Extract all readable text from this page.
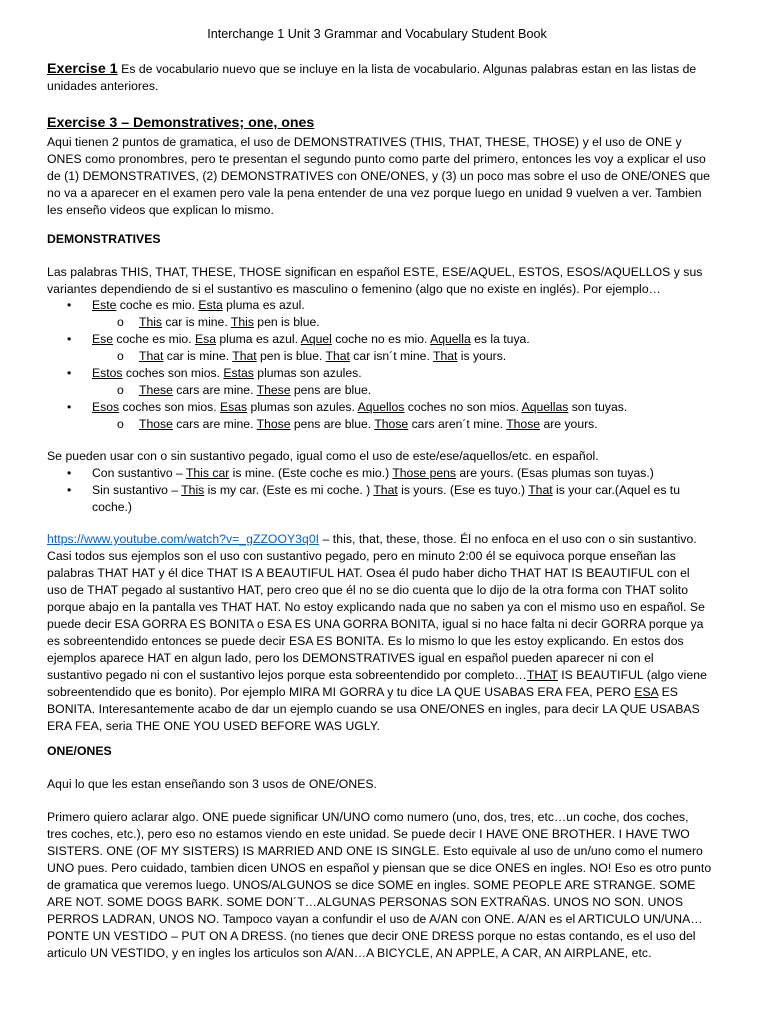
Interchange 1 Unit 3 Grammar and Vocabulary Student Book
Exercise 1 Es de vocabulario nuevo que se incluye en la lista de vocabulario. Algunas palabras estan en las listas de unidades anteriores.
Exercise 3 – Demonstratives; one, ones
Aqui tienen 2 puntos de gramatica, el uso de DEMONSTRATIVES (THIS, THAT, THESE, THOSE) y el uso de ONE y ONES como pronombres, pero te presentan el segundo punto como parte del primero, entonces les voy a explicar el uso de (1) DEMONSTRATIVES, (2) DEMONSTRATIVES con ONE/ONES, y (3) un poco mas sobre el uso de ONE/ONES que no va a aparecer en el examen pero vale la pena entender de una vez porque luego en unidad 9 vuelven a ver. Tambien les enseño videos que explican lo mismo.
DEMONSTRATIVES
Las palabras THIS, THAT, THESE, THOSE significan en español ESTE, ESE/AQUEL, ESTOS, ESOS/AQUELLOS y sus variantes dependiendo de si el sustantivo es masculino o femenino (algo que no existe en inglés). Por ejemplo…
• Este coche es mio. Esta pluma es azul.
o This car is mine. This pen is blue.
• Ese coche es mio. Esa pluma es azul. Aquel coche no es mio. Aquella es la tuya.
o That car is mine. That pen is blue. That car isn´t mine. That is yours.
• Estos coches son mios. Estas plumas son azules.
o These cars are mine. These pens are blue.
• Esos coches son mios. Esas plumas son azules. Aquellos coches no son mios. Aquellas son tuyas.
o Those cars are mine. Those pens are blue. Those cars aren´t mine. Those are yours.
Se pueden usar con o sin sustantivo pegado, igual como el uso de este/ese/aquellos/etc. en español.
• Con sustantivo – This car is mine. (Este coche es mio.) Those pens are yours. (Esas plumas son tuyas.)
• Sin sustantivo – This is my car. (Este es mi coche. ) That is yours. (Ese es tuyo.) That is your car.(Aquel es tu coche.)
https://www.youtube.com/watch?v=_gZZOOY3q0I – this, that, these, those. Él no enfoca en el uso con o sin sustantivo. Casi todos sus ejemplos son el uso con sustantivo pegado, pero en minuto 2:00 él se equivoca porque enseñan las palabras THAT HAT y él dice THAT IS A BEAUTIFUL HAT. Osea él pudo haber dicho THAT HAT IS BEAUTIFUL con el uso de THAT pegado al sustantivo HAT, pero creo que él no se dio cuenta que lo dijo de la otra forma con THAT solito porque abajo en la pantalla ves THAT HAT. No estoy explicando nada que no saben ya con el mismo uso en español. Se puede decir ESA GORRA ES BONITA o ESA ES UNA GORRA BONITA, igual si no hace falta ni decir GORRA porque ya es sobreentendido entonces se puede decir ESA ES BONITA. Es lo mismo lo que les estoy explicando. En estos dos ejemplos aparece HAT en algun lado, pero los DEMONSTRATIVES igual en español pueden aparecer ni con el sustantivo pegado ni con el sustantivo lejos porque esta sobreentendido por completo…THAT IS BEAUTIFUL (algo viene sobreentendido que es bonito). Por ejemplo MIRA MI GORRA y tu dice LA QUE USABAS ERA FEA, PERO ESA ES BONITA. Interesantemente acabo de dar un ejemplo cuando se usa ONE/ONES en ingles, para decir LA QUE USABAS ERA FEA, seria THE ONE YOU USED BEFORE WAS UGLY.
ONE/ONES
Aqui lo que les estan enseñando son 3 usos de ONE/ONES.
Primero quiero aclarar algo. ONE puede significar UN/UNO como numero (uno, dos, tres, etc…un coche, dos coches, tres coches, etc.), pero eso no estamos viendo en este unidad. Se puede decir I HAVE ONE BROTHER. I HAVE TWO SISTERS. ONE (OF MY SISTERS) IS MARRIED AND ONE IS SINGLE. Esto equivale al uso de un/uno como el numero UNO pues. Pero cuidado, tambien dicen UNOS en español y piensan que se dice ONES en ingles. NO! Eso es otro punto de gramatica que veremos luego. UNOS/ALGUNOS se dice SOME en ingles. SOME PEOPLE ARE STRANGE. SOME ARE NOT. SOME DOGS BARK. SOME DON´T…ALGUNAS PERSONAS SON EXTRAÑAS. UNOS NO SON. UNOS PERROS LADRAN, UNOS NO. Tampoco vayan a confundir el uso de A/AN con ONE. A/AN es el ARTICULO UN/UNA…PONTE UN VESTIDO – PUT ON A DRESS. (no tienes que decir ONE DRESS porque no estas contando, es el uso del articulo UN VESTIDO, y en ingles los articulos son A/AN…A BICYCLE, AN APPLE, A CAR, AN AIRPLANE, etc.
